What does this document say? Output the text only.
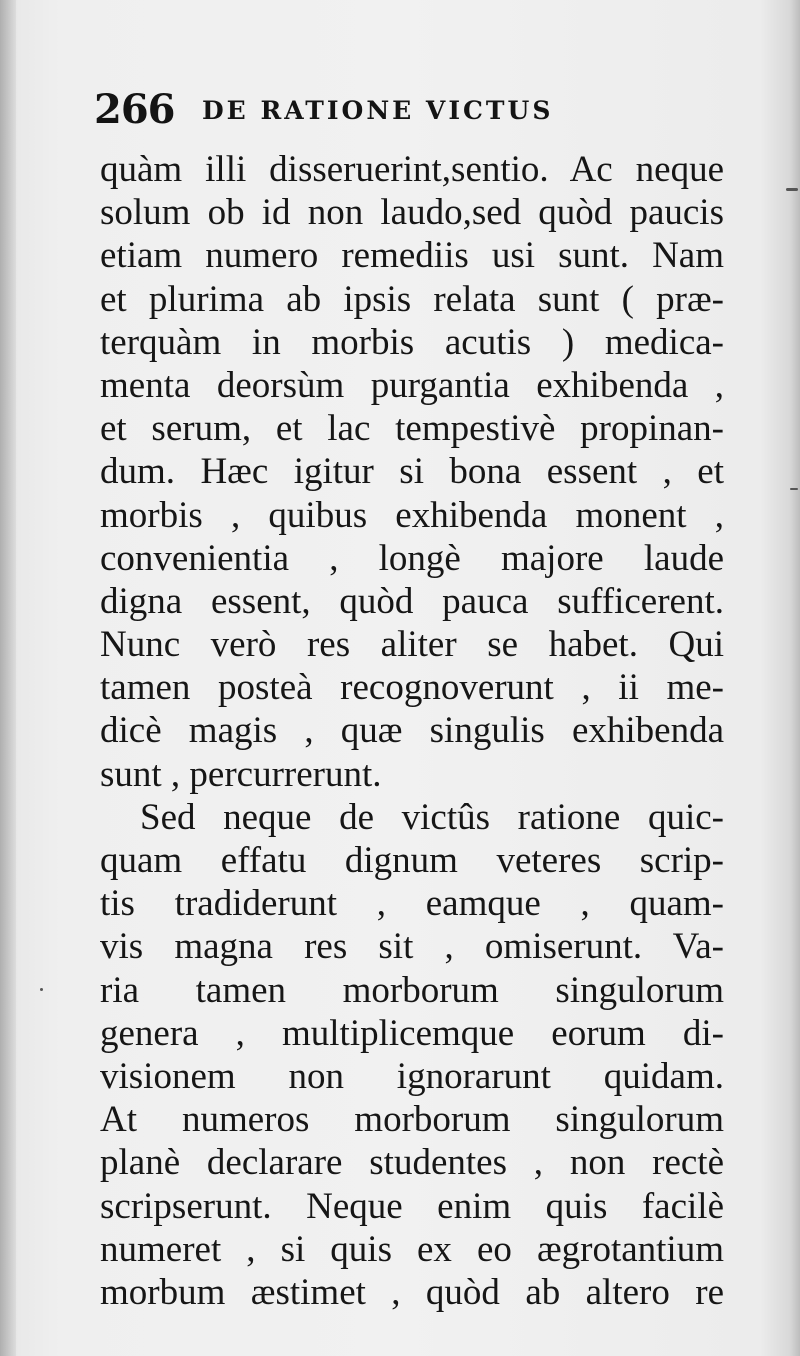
266 DE RATIONE VICTUS
quàm illi disseruerint,sentio. Ac neque
solum ob id non laudo,sed quòd paucis
etiam numero remediis usi sunt. Nam
et plurima ab ipsis relata sunt ( præ-
terquàm in morbis acutis ) medica-
menta deorsùm purgantia exhibenda ,
et serum, et lac tempestivè propinan-
dum. Hæc igitur si bona essent , et
morbis , quibus exhibenda monent ,
convenientia , longè majore laude
digna essent, quòd pauca sufficerent.
Nunc verò res aliter se habet. Qui
tamen posteà recognoverunt , ii me-
dicè magis , quæ singulis exhibenda
sunt , percurrerunt.
Sed neque de victûs ratione quic-
quam effatu dignum veteres scrip-
tis tradiderunt , eamque , quam-
vis magna res sit , omiserunt. Va-
ria tamen morborum singulorum
genera , multiplicemque eorum di-
visionem non ignorarunt quidam.
At numeros morborum singulorum
planè declarare studentes , non rectè
scripserunt. Neque enim quis facilè
numeret , si quis ex eo ægrotantium
morbum æstimet , quòd ab altero re
